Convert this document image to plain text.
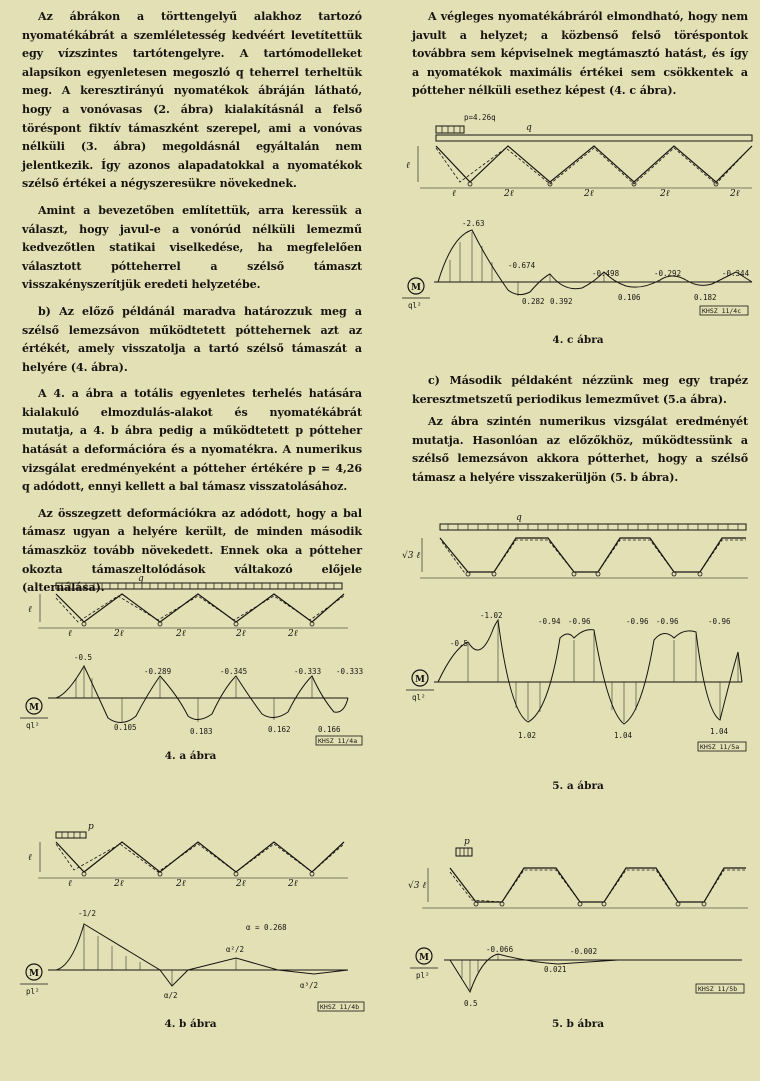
Az ábrákon a törttengelyű alakhoz tartozó nyomatékábrát a szemléletesség kedvéért levetítettük egy vízszintes tartótengelyre. A tartómodelleket alapsíkon egyenletesen megoszló q teherrel terheltük meg. A keresztirányú nyomatékok ábráján látható, hogy a vonóvasas (2. ábra) kialakításnál a felső töréspont fiktív támaszként szerepel, ami a vonóvas nélküli (3. ábra) megoldásnál egyáltalán nem jelentkezik. Így azonos alapadatokkal a nyomatékok szélső értékei a négyszeresükre növekednek.

Amint a bevezetőben említettük, arra keressük a választ, hogy javul-e a vonórúd nélküli lemezmű kedvezőtlen statikai viselkedése, ha megfelelően választott pótteherrel a szélső támaszt visszakényszerítjük eredeti helyzetébe.

b) Az előző példánál maradva határozzuk meg a szélső lemezsávon működtetett póttehernek azt az értékét, amely visszatolja a tartó szélső támaszát a helyére (4. ábra).

A 4. a ábra a totális egyenletes terhelés hatására kialakuló elmozdulás-alakot és nyomatékábrát mutatja, a 4. b ábra pedig a működtetett p pótteher hatását a deformációra és a nyomatékra. A numerikus vizsgálat eredményeként a pótteher értékére p = 4,26 q adódott, ennyi kellett a bal támasz visszatolásához.

Az összegzett deformációkra az adódott, hogy a bal támasz ugyan a helyére került, de minden második támaszköz tovább növekedett. Ennek oka a pótteher okozta támaszeltolódások váltakozó előjele (alternálása).

A végleges nyomatékábráról elmondható, hogy nem javult a helyzet; a közbenső felső töréspontok továbbra sem képviselnek megtámasztó hatást, és így a nyomatékok maximális értékei sem csökkentek a pótteher nélküli esethez képest (4. c ábra).

c) Második példaként nézzünk meg egy trapéz keresztmetszetű periodikus lemezművet (5.a ábra).

Az ábra szintén numerikus vizsgálat eredményét mutatja. Hasonlóan az előzőkhöz, működtessünk a szélső lemezsávon akkora pótterhet, hogy a szélső támasz a helyére visszakerüljön (5. b ábra).

q
ℓ	2ℓ	2ℓ	2ℓ	2ℓ
ℓ
-0.5
-0.289	-0.345	-0.333 -0.333
0.105	0.183	0.162	0.166
M
ql²
KHSZ 11/4a
4. a ábra
p
ℓ	2ℓ	2ℓ	2ℓ	2ℓ
ℓ
α = 0.268
-1/2
α/2
α²/2
α³/2
M
pl²
KHSZ 11/4b
4. b ábra
p=4.26q
q
ℓ	2ℓ	2ℓ	2ℓ	2ℓ
ℓ
-2.63
-0.674
-0.498	-0.292	-0.344
0.282 0.392	0.106	0.182
M
ql²
KHSZ 11/4c
4. c ábra
q
√3 ℓ
-0.5
-1.02
-0.94 -0.96	-0.96 -0.96	-0.96
1.02	1.04	1.04
M
ql²
KHSZ 11/5a
5. a ábra
p
√3 ℓ
-0.066	-0.002
0.021
0.5
M
pl²
KHSZ 11/5b
5. b ábra
